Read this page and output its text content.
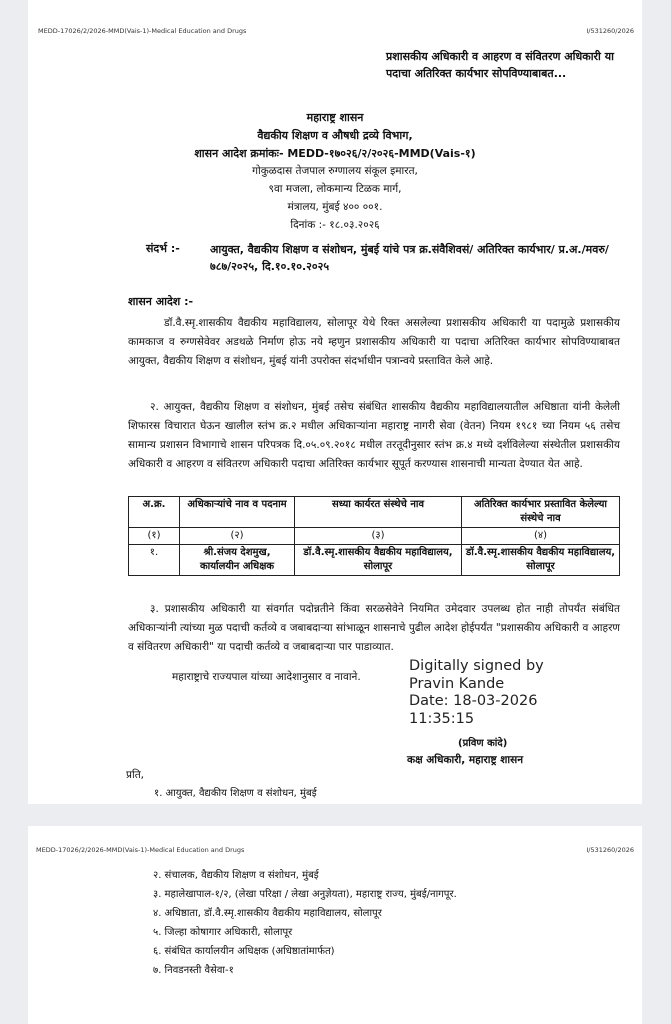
MEDD-17026/2/2026-MMD(Vais-1)-Medical Education and Drugs	I/531260/2026
प्रशासकीय अधिकारी व आहरण व संवितरण अधिकारी या पदाचा अतिरिक्त कार्यभार सोपविण्याबाबत...
महाराष्ट्र शासन
वैद्यकीय शिक्षण व औषधी द्रव्ये विभाग,
शासन आदेश क्रमांकः- MEDD-१७०२६/२/२०२६-MMD(Vais-१)
गोकुळदास तेजपाल रुग्णालय संकूल इमारत,
९वा मजला, लोकमान्य टिळक मार्ग,
मंत्रालय, मुंबई ४०० ००१.
दिनांक :- १८.०३.२०२६
संदर्भ :-	आयुक्त, वैद्यकीय शिक्षण व संशोधन, मुंबई यांचे पत्र क्र.संवैशिवसं/ अतिरिक्त कार्यभार/ प्र.अ./मवरु/७८७/२०२५, दि.१०.१०.२०२५
शासन आदेश :-
डॉ.वै.स्मृ.शासकीय वैद्यकीय महाविद्यालय, सोलापूर येथे रिक्त असलेल्या प्रशासकीय अधिकारी या पदामुळे प्रशासकीय कामकाज व रुग्णसेवेवर अडथळे निर्माण होऊ नये म्हणुन प्रशासकीय अधिकारी या पदाचा अतिरिक्त कार्यभार सोपविण्याबाबत आयुक्त, वैद्यकीय शिक्षण व संशोधन, मुंबई यांनी उपरोक्त संदर्भाधीन पत्रान्वये प्रस्तावित केले आहे.
२. आयुक्त, वैद्यकीय शिक्षण व संशोधन, मुंबई तसेच संबंधित शासकीय वैद्यकीय महाविद्यालयातील अधिष्ठाता यांनी केलेली शिफारस विचारात घेऊन खालील स्तंभ क्र.२ मधील अधिकाऱ्यांना महाराष्ट्र नागरी सेवा (वेतन) नियम १९८१ च्या नियम ५६ तसेच सामान्य प्रशासन विभागाचे शासन परिपत्रक दि.०५.०९.२०१८ मधील तरतूदीनुसार स्तंभ क्र.४ मध्ये दर्शविलेल्या संस्थेतील प्रशासकीय अधिकारी व आहरण व संवितरण अधिकारी पदाचा अतिरिक्त कार्यभार सूपूर्त करण्यास शासनाची मान्यता देण्यात येत आहे.
अ.क्र.	अधिकाऱ्यांचे नाव व पदनाम	सध्या कार्यरत संस्थेचे नाव	अतिरिक्त कार्यभार प्रस्तावित केलेल्या संस्थेचे नाव
(१)	(२)	(३)	(४)
१.	श्री.संजय देशमुख, कार्यालयीन अधिक्षक	डॉ.वै.स्मृ.शासकीय वैद्यकीय महाविद्यालय, सोलापूर	डॉ.वै.स्मृ.शासकीय वैद्यकीय महाविद्यालय, सोलापूर
३. प्रशासकीय अधिकारी या संवर्गात पदोन्नतीने किंवा सरळसेवेने नियमित उमेदवार उपलब्ध होत नाही तोपर्यंत संबंधित अधिकाऱ्यांनी त्यांच्या मुळ पदाची कर्तव्ये व जबाबदाऱ्या सांभाळून शासनाचे पुढील आदेश होईपर्यंत "प्रशासकीय अधिकारी व आहरण व संवितरण अधिकारी" या पदाची कर्तव्ये व जबाबदाऱ्या पार पाडाव्यात.
महाराष्ट्राचे राज्यपाल यांच्या आदेशानुसार व नावाने.
Digitally signed by
Pravin Kande
Date: 18-03-2026
11:35:15
(प्रविण कांदे)
कक्ष अधिकारी, महाराष्ट्र शासन
प्रति,
१. आयुक्त, वैद्यकीय शिक्षण व संशोधन, मुंबई
MEDD-17026/2/2026-MMD(Vais-1)-Medical Education and Drugs	I/531260/2026
२. संचालक, वैद्यकीय शिक्षण व संशोधन, मुंबई
३. महालेखापाल-१/२, (लेखा परिक्षा / लेखा अनुज्ञेयता), महाराष्ट्र राज्य, मुंबई/नागपूर.
४. अधिष्ठाता, डॉ.वै.स्मृ.शासकीय वैद्यकीय महाविद्यालय, सोलापूर
५. जिल्हा कोषागार अधिकारी, सोलापूर
६. संबंधित कार्यालयीन अधिक्षक (अधिष्ठातांमार्फत)
७. निवडनस्ती वैसेवा-१
